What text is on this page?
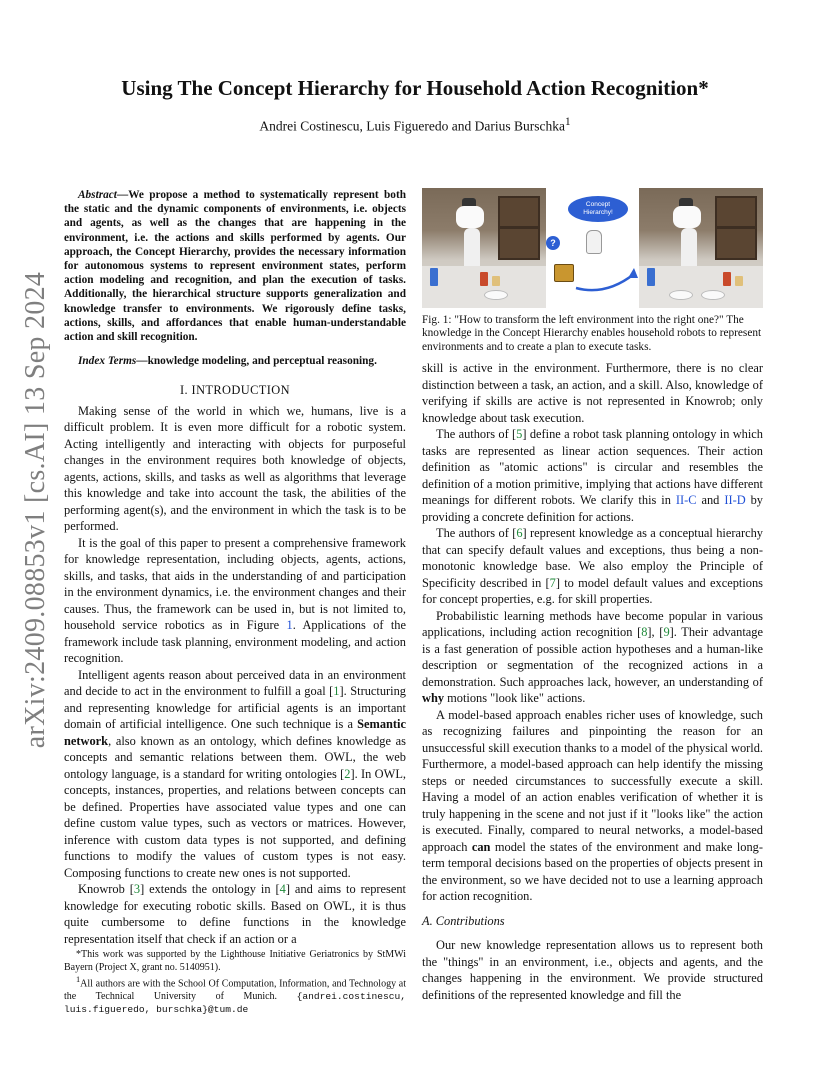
arXiv:2409.08853v1 [cs.AI] 13 Sep 2024
Using The Concept Hierarchy for Household Action Recognition*
Andrei Costinescu, Luis Figueredo and Darius Burschka$^1$

Abstract—We propose a method to systematically represent both the static and the dynamic components of environments, i.e. objects and agents, as well as the changes that are happening in the environment, i.e. the actions and skills performed by agents. Our approach, the Concept Hierarchy, provides the necessary information for autonomous systems to represent environment states, perform action modeling and recognition, and plan the execution of tasks. Additionally, the hierarchical structure supports generalization and knowledge transfer to environments. We rigorously define tasks, actions, skills, and affordances that enable human-understandable action and skill recognition.

Index Terms—knowledge modeling, and perceptual reasoning.

I. INTRODUCTION

Making sense of the world in which we, humans, live is a difficult problem. It is even more difficult for a robotic system. Acting intelligently and interacting with objects for purposeful changes in the environment requires both knowledge of objects, agents, actions, skills, and tasks as well as algorithms that leverage this knowledge and take into account the task, the abilities of the performing agent(s), and the environment in which the task is to be performed.

It is the goal of this paper to present a comprehensive framework for knowledge representation, including objects, agents, actions, skills, and tasks, that aids in the understanding of and participation in the environment dynamics, i.e. the environment changes and their causes. Thus, the framework can be used in, but is not limited to, household service robotics as in Figure 1. Applications of the framework include task planning, environment modeling, and action recognition.

Intelligent agents reason about perceived data in an environment and decide to act in the environment to fulfill a goal [1]. Structuring and representing knowledge for artificial agents is an important domain of artificial intelligence. One such technique is a Semantic network, also known as an ontology, which defines knowledge as concepts and semantic relations between them. OWL, the web ontology language, is a standard for writing ontologies [2]. In OWL, concepts, instances, properties, and relations between concepts can be defined. Properties have associated value types and one can define custom value types, such as vectors or matrices. However, inference with custom data types is not supported, and defining functions to modify the values of custom types is not easy. Composing functions to create new ones is not supported.

Knowrob [3] extends the ontology in [4] and aims to represent knowledge for executing robotic skills. Based on OWL, it is thus quite cumbersome to define functions in the knowledge representation itself that check if an action or a

*This work was supported by the Lighthouse Initiative Geriatronics by StMWi Bayern (Project X, grant no. 5140951).

$^1$All authors are with the School Of Computation, Information, and Technology at the Technical University of Munich. {andrei.costinescu, luis.figueredo, burschka}@tum.de

Concept
Hierarchy!
?
Fig. 1: "How to transform the left environment into the right one?" The knowledge in the Concept Hierarchy enables household robots to represent environments and to create a plan to execute tasks.

skill is active in the environment. Furthermore, there is no clear distinction between a task, an action, and a skill. Also, knowledge of verifying if skills are active is not represented in Knowrob; only knowledge about task execution.

The authors of [5] define a robot task planning ontology in which tasks are represented as linear action sequences. Their action definition as "atomic actions" is circular and resembles the definition of a motion primitive, implying that actions have different meanings for different robots. We clarify this in II-C and II-D by providing a concrete definition for actions.

The authors of [6] represent knowledge as a conceptual hierarchy that can specify default values and exceptions, thus being a non-monotonic knowledge base. We also employ the Principle of Specificity described in [7] to model default values and exceptions for concept properties, e.g. for skill properties.

Probabilistic learning methods have become popular in various applications, including action recognition [8], [9]. Their advantage is a fast generation of possible action hypotheses and a human-like description or segmentation of the recognized actions in a demonstration. Such approaches lack, however, an understanding of why motions "look like" actions.

A model-based approach enables richer uses of knowledge, such as recognizing failures and pinpointing the reason for an unsuccessful skill execution thanks to a model of the physical world. Furthermore, a model-based approach can help identify the missing steps or needed circumstances to successfully execute a skill. Having a model of an action enables verification of whether it is truly happening in the scene and not just if it "looks like" the action is executed. Finally, compared to neural networks, a model-based approach can model the states of the environment and make long-term temporal decisions based on the properties of objects present in the environment, so we have decided not to use a learning approach for action recognition.

A. Contributions

Our new knowledge representation allows us to represent both the "things" in an environment, i.e., objects and agents, and the changes happening in the environment. We provide structured definitions of the represented knowledge and fill the
